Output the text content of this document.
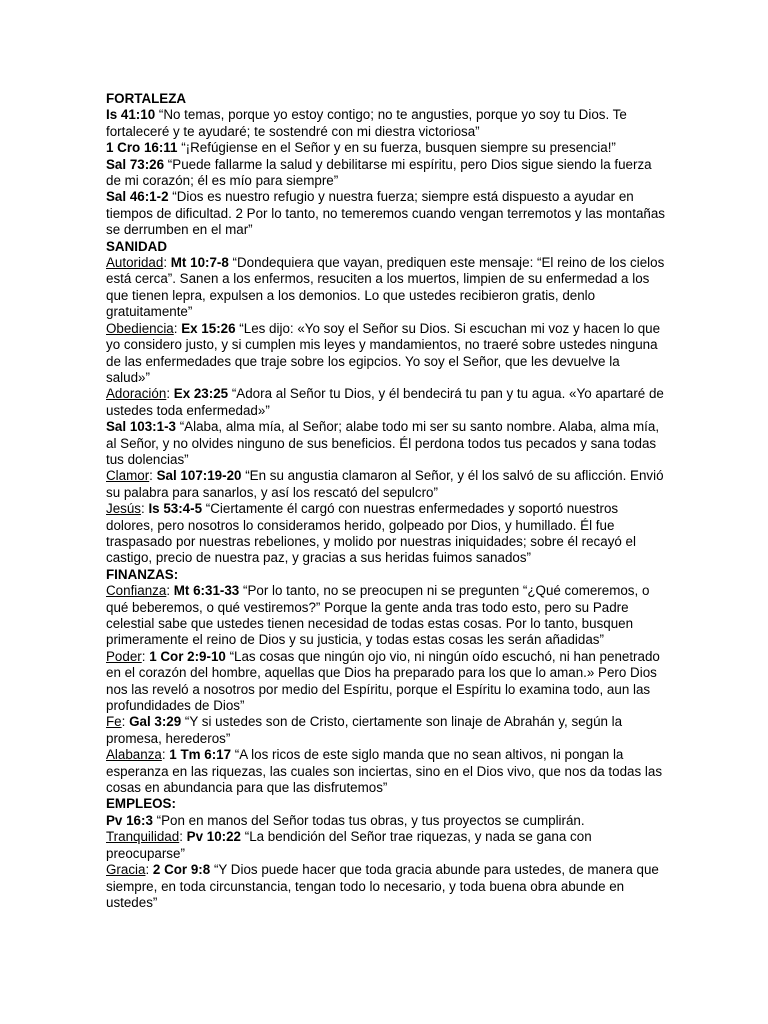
FORTALEZA

Is 41:10 “No temas, porque yo estoy contigo; no te angusties, porque yo soy tu Dios. Te fortaleceré y te ayudaré; te sostendré con mi diestra victoriosa”

1 Cro 16:11 “¡Refúgiense en el Señor y en su fuerza, busquen siempre su presencia!”

Sal 73:26 “Puede fallarme la salud y debilitarse mi espíritu, pero Dios sigue siendo la fuerza de mi corazón; él es mío para siempre”

Sal 46:1-2 “Dios es nuestro refugio y nuestra fuerza; siempre está dispuesto a ayudar en tiempos de dificultad. 2 Por lo tanto, no temeremos cuando vengan terremotos y las montañas se derrumben en el mar”

SANIDAD

Autoridad: Mt 10:7-8 “Dondequiera que vayan, prediquen este mensaje: “El reino de los cielos está cerca”. Sanen a los enfermos, resuciten a los muertos, limpien de su enfermedad a los que tienen lepra, expulsen a los demonios. Lo que ustedes recibieron gratis, denlo gratuitamente”

Obediencia: Ex 15:26 “Les dijo: «Yo soy el Señor su Dios. Si escuchan mi voz y hacen lo que yo considero justo, y si cumplen mis leyes y mandamientos, no traeré sobre ustedes ninguna de las enfermedades que traje sobre los egipcios. Yo soy el Señor, que les devuelve la salud»”

Adoración: Ex 23:25 “Adora al Señor tu Dios, y él bendecirá tu pan y tu agua. «Yo apartaré de ustedes toda enfermedad»”

Sal 103:1-3 “Alaba, alma mía, al Señor; alabe todo mi ser su santo nombre. Alaba, alma mía, al Señor, y no olvides ninguno de sus beneficios. Él perdona todos tus pecados y sana todas tus dolencias”

Clamor: Sal 107:19-20 “En su angustia clamaron al Señor, y él los salvó de su aflicción. Envió su palabra para sanarlos, y así los rescató del sepulcro”

Jesús: Is 53:4-5 “Ciertamente él cargó con nuestras enfermedades y soportó nuestros dolores, pero nosotros lo consideramos herido, golpeado por Dios, y humillado. Él fue traspasado por nuestras rebeliones, y molido por nuestras iniquidades; sobre él recayó el castigo, precio de nuestra paz, y gracias a sus heridas fuimos sanados”

FINANZAS:

Confianza: Mt 6:31-33 “Por lo tanto, no se preocupen ni se pregunten “¿Qué comeremos, o qué beberemos, o qué vestiremos?” Porque la gente anda tras todo esto, pero su Padre celestial sabe que ustedes tienen necesidad de todas estas cosas. Por lo tanto, busquen primeramente el reino de Dios y su justicia, y todas estas cosas les serán añadidas”

Poder: 1 Cor 2:9-10 “Las cosas que ningún ojo vio, ni ningún oído escuchó, ni han penetrado en el corazón del hombre, aquellas que Dios ha preparado para los que lo aman.» Pero Dios nos las reveló a nosotros por medio del Espíritu, porque el Espíritu lo examina todo, aun las profundidades de Dios”

Fe: Gal 3:29 “Y si ustedes son de Cristo, ciertamente son linaje de Abrahán y, según la promesa, herederos”

Alabanza: 1 Tm 6:17 “A los ricos de este siglo manda que no sean altivos, ni pongan la esperanza en las riquezas, las cuales son inciertas, sino en el Dios vivo, que nos da todas las cosas en abundancia para que las disfrutemos”

EMPLEOS:

Pv 16:3 “Pon en manos del Señor todas tus obras, y tus proyectos se cumplirán.

Tranquilidad: Pv 10:22 “La bendición del Señor trae riquezas, y nada se gana con preocuparse”

Gracia: 2 Cor 9:8 “Y Dios puede hacer que toda gracia abunde para ustedes, de manera que siempre, en toda circunstancia, tengan todo lo necesario, y toda buena obra abunde en ustedes”
